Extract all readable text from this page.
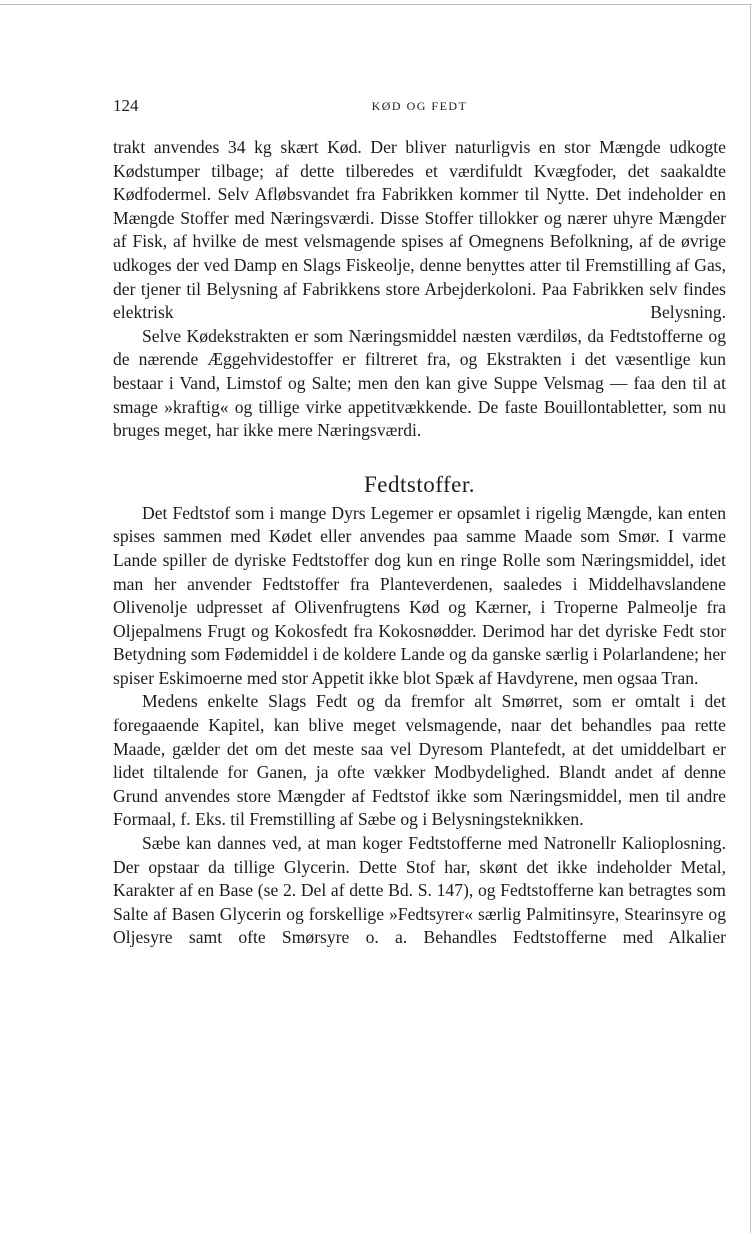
124	KØD OG FEDT

trakt anvendes 34 kg skært Kød. Der bliver naturligvis en stor Mængde udkogte Kødstumper tilbage; af dette tilberedes et værdifuldt Kvægfoder, det saakaldte Kødfodermel. Selv Afløbsvandet fra Fabrikken kommer til Nytte. Det indeholder en Mængde Stoffer med Næringsværdi. Disse Stoffer tillokker og nærer uhyre Mængder af Fisk, af hvilke de mest velsmagende spises af Omegnens Befolkning, af de øvrige udkoges der ved Damp en Slags Fiskeolje, denne benyttes atter til Fremstilling af Gas, der tjener til Belysning af Fabrikkens store Arbejderkoloni. Paa Fabrikken selv findes elektrisk Belysning.

Selve Kødekstrakten er som Næringsmiddel næsten værdiløs, da Fedtstofferne og de nærende Æggehvidestoffer er filtreret fra, og Ekstrakten i det væsentlige kun bestaar i Vand, Limstof og Salte; men den kan give Suppe Velsmag — faa den til at smage »kraftig« og tillige virke appetitvækkende. De faste Bouillontabletter, som nu bruges meget, har ikke mere Næringsværdi.

Fedtstoffer.

Det Fedtstof som i mange Dyrs Legemer er opsamlet i rigelig Mængde, kan enten spises sammen med Kødet eller anvendes paa samme Maade som Smør. I varme Lande spiller de dyriske Fedtstoffer dog kun en ringe Rolle som Næringsmiddel, idet man her anvender Fedtstoffer fra Planteverdenen, saaledes i Middelhavslandene Olivenolje udpresset af Olivenfrugtens Kød og Kærner, i Troperne Palmeolje fra Oljepalmens Frugt og Kokosfedt fra Kokosnødder. Derimod har det dyriske Fedt stor Betydning som Fødemiddel i de koldere Lande og da ganske særlig i Polarlandene; her spiser Eskimoerne med stor Appetit ikke blot Spæk af Havdyrene, men ogsaa Tran.

Medens enkelte Slags Fedt og da fremfor alt Smørret, som er omtalt i det foregaaende Kapitel, kan blive meget velsmagende, naar det behandles paa rette Maade, gælder det om det meste saa vel Dyresom Plantefedt, at det umiddelbart er lidet tiltalende for Ganen, ja ofte vækker Modbydelighed. Blandt andet af denne Grund anvendes store Mængder af Fedtstof ikke som Næringsmiddel, men til andre Formaal, f. Eks. til Fremstilling af Sæbe og i Belysningsteknikken.

Sæbe kan dannes ved, at man koger Fedtstofferne med Natronellr Kalioplosning. Der opstaar da tillige Glycerin. Dette Stof har, skønt det ikke indeholder Metal, Karakter af en Base (se 2. Del af dette Bd. S. 147), og Fedtstofferne kan betragtes som Salte af Basen Glycerin og forskellige »Fedtsyrer« særlig Palmitinsyre, Stearinsyre og Oljesyre samt ofte Smørsyre o. a. Behandles Fedtstofferne med Alkalier
